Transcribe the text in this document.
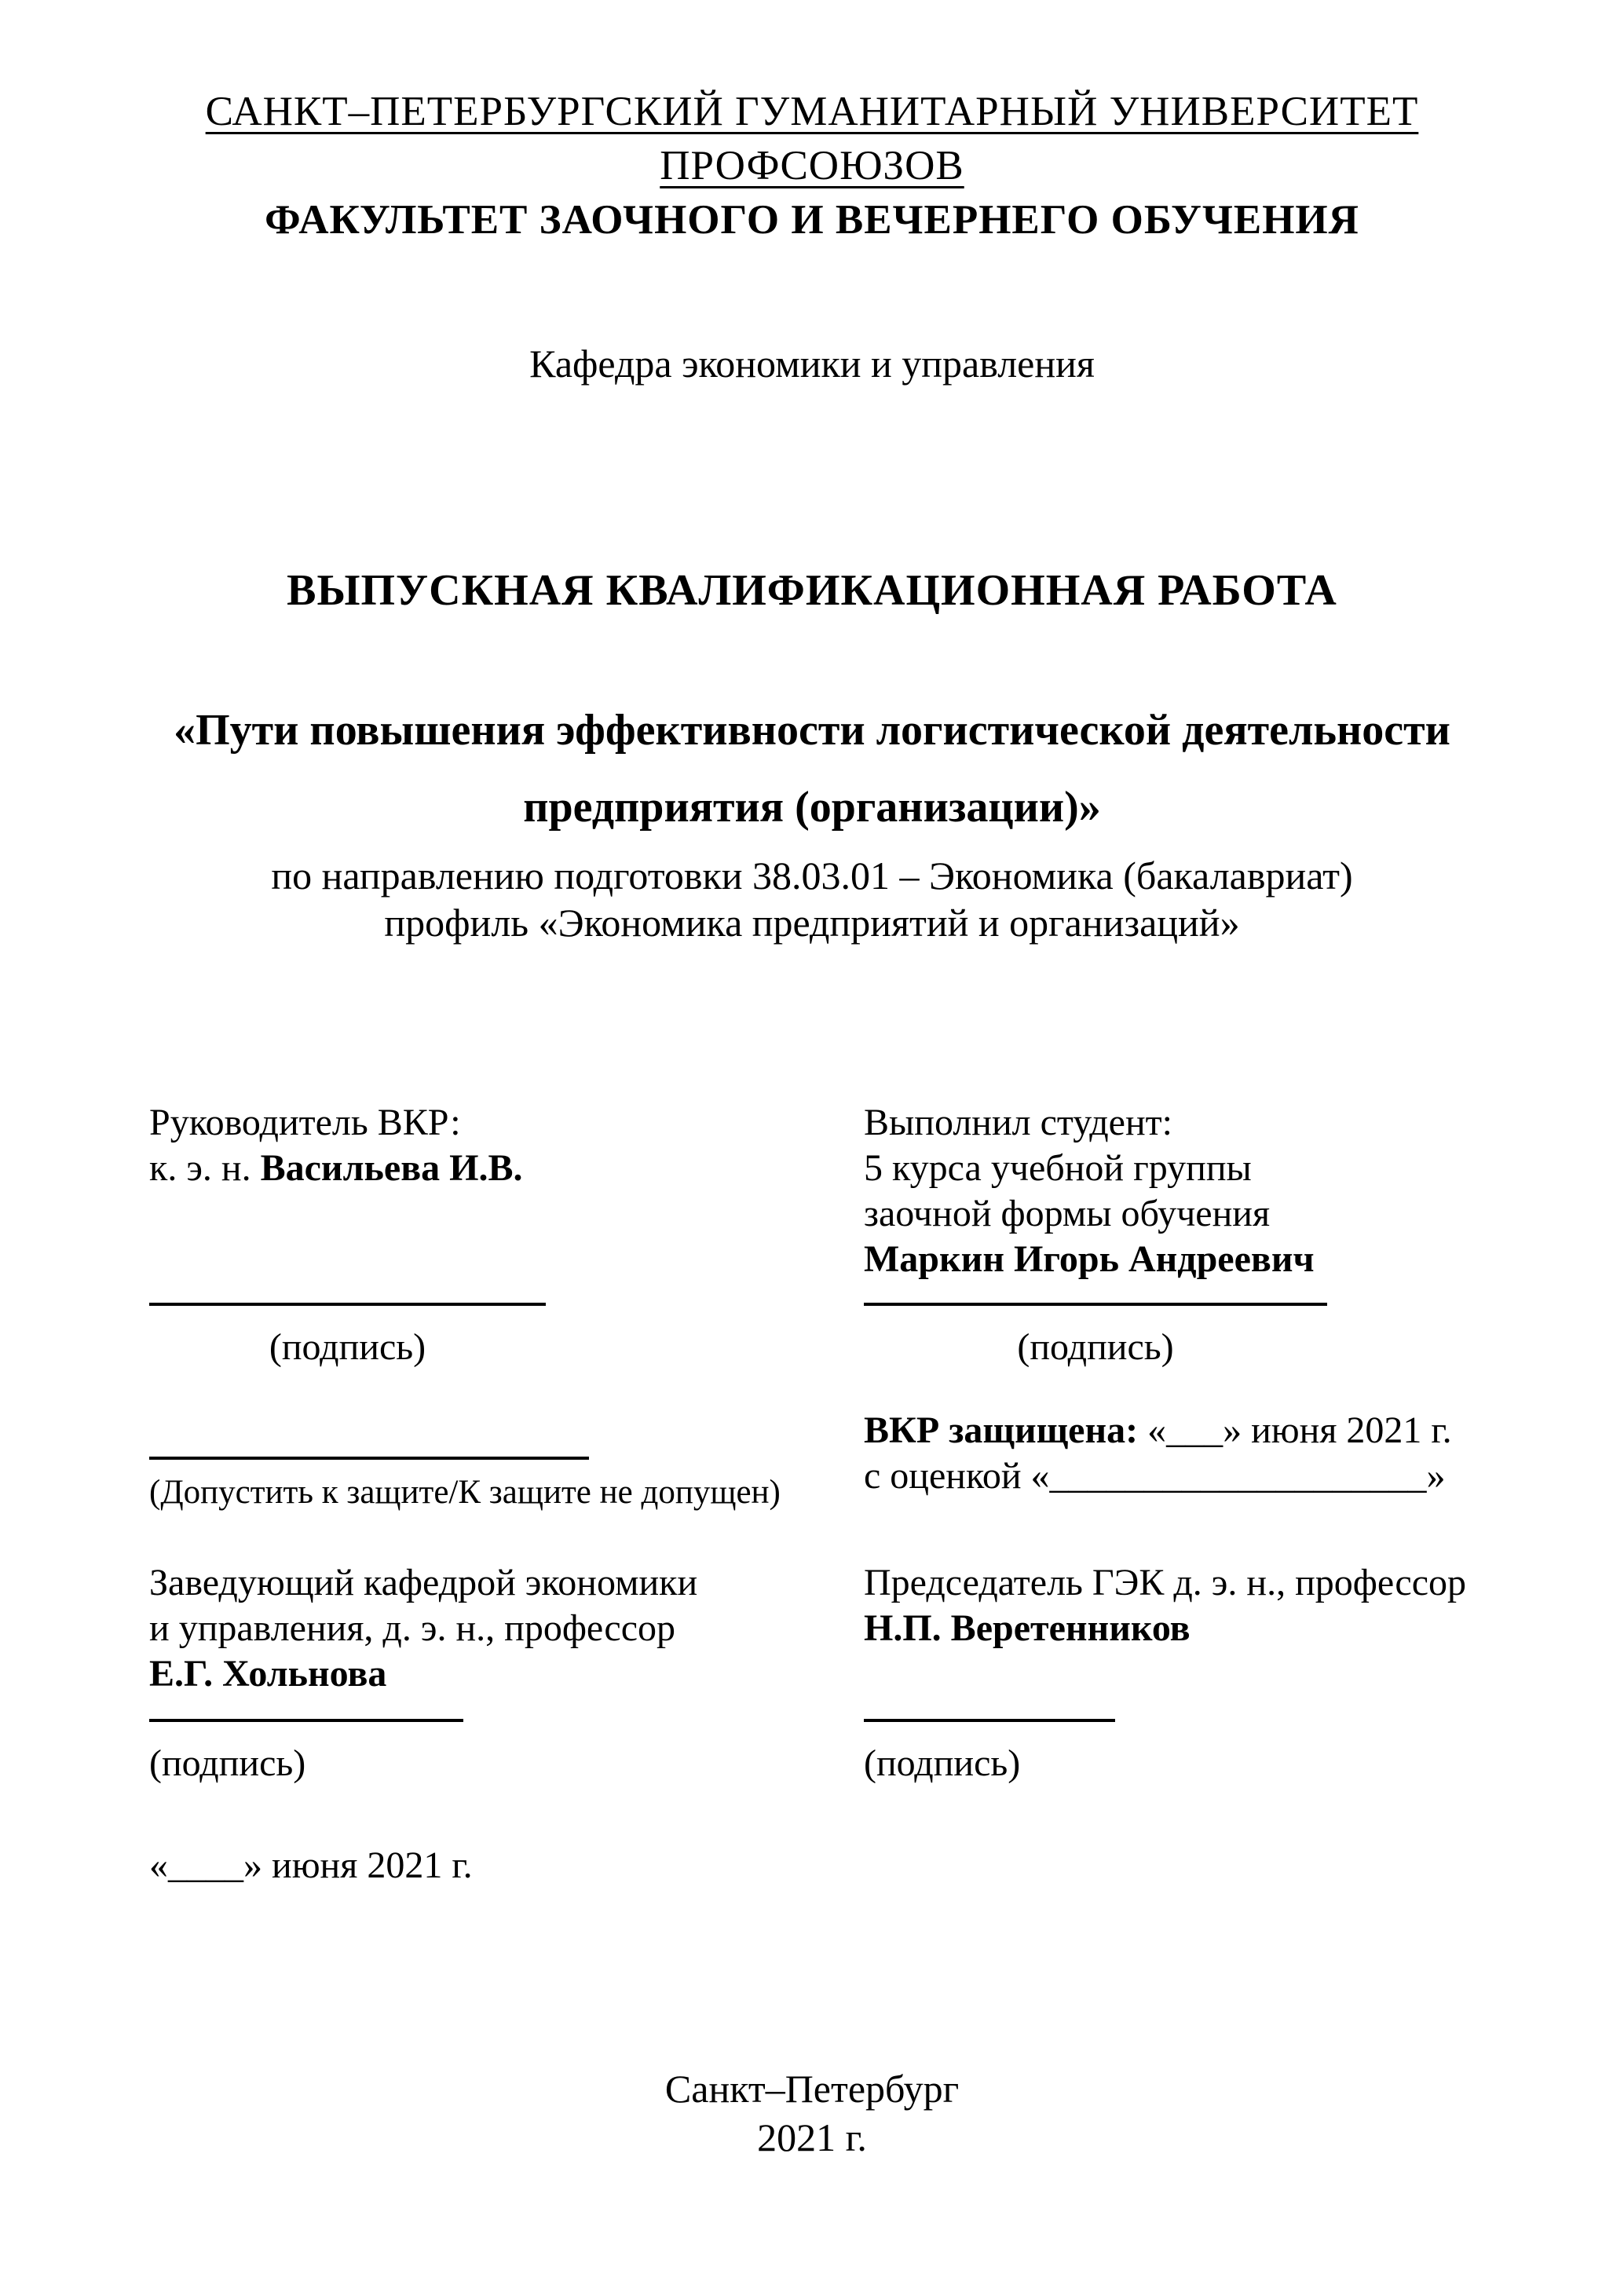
САНКТ–ПЕТЕРБУРГСКИЙ ГУМАНИТАРНЫЙ УНИВЕРСИТЕТ
ПРОФСОЮЗОВ
ФАКУЛЬТЕТ ЗАОЧНОГО И ВЕЧЕРНЕГО ОБУЧЕНИЯ
Кафедра экономики и управления
ВЫПУСКНАЯ КВАЛИФИКАЦИОННАЯ РАБОТА
«Пути повышения эффективности логистической деятельности
предприятия (организации)»
по направлению подготовки 38.03.01 – Экономика (бакалавриат)
профиль «Экономика предприятий и организаций»
Руководитель ВКР:
к. э. н. Васильева И.В.
(подпись)
(Допустить к защите/К защите не допущен)
Заведующий кафедрой экономики
и управления, д. э. н., профессор
Е.Г. Хольнова
(подпись)
«____» июня 2021 г.
Выполнил студент:
5 курса учебной группы
заочной формы обучения
Маркин Игорь Андреевич
(подпись)
ВКР защищена: «___» июня 2021 г.
с оценкой «____________________»
Председатель ГЭК д. э. н., профессор
Н.П. Веретенников
(подпись)
Санкт–Петербург
2021 г.
